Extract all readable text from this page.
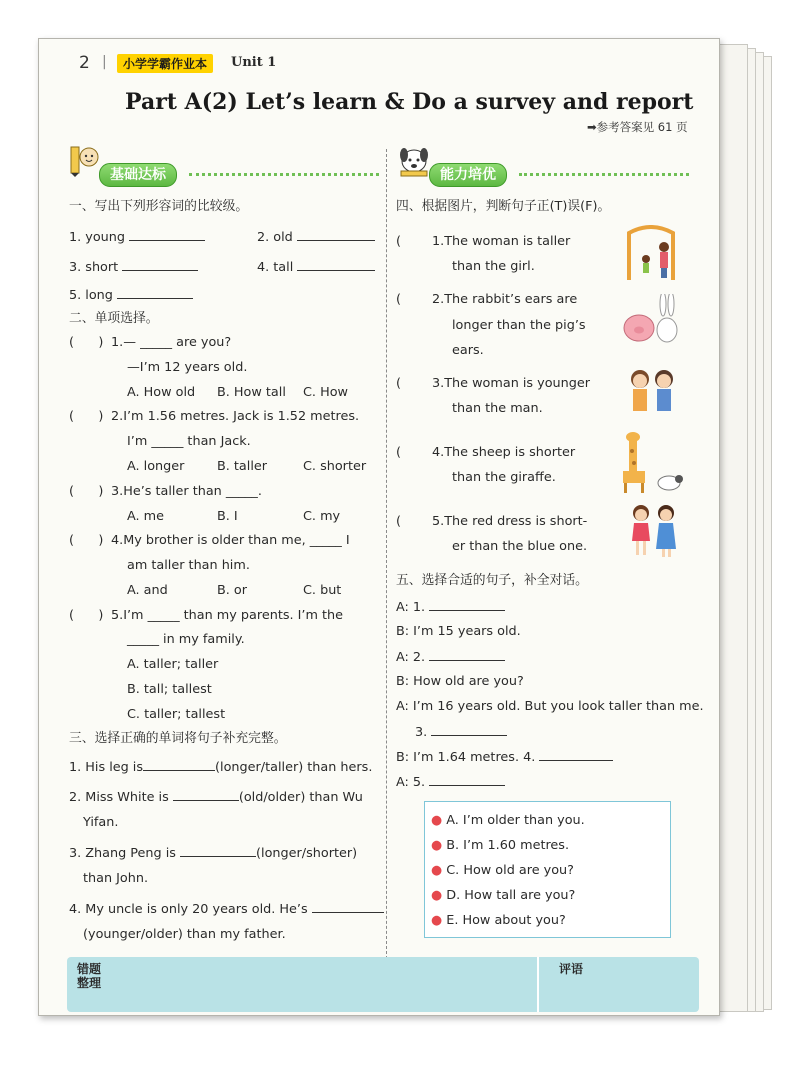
2 |	小学学霸作业本	Unit 1
Part A(2) Let’s learn & Do a survey and report
➡参考答案见 61 页
基础达标
一、写出下列形容词的比较级。
1. young	2. old
3. short	4. tall
5. long
二、单项选择。
(      ) 1.— _____ are you?
—I’m 12 years old.
A. How old B. How tall C. How
(      ) 2.I’m 1.56 metres. Jack is 1.52 metres.
I’m _____ than Jack.
A. longer	B. taller	C. shorter
(      ) 3.He’s taller than _____.
A. me	B. I	C. my
(      ) 4.My brother is older than me, _____ I
am taller than him.
A. and	B. or	C. but
(      ) 5.I’m _____ than my parents. I’m the
_____ in my family.
A. taller; taller
B. tall; tallest
C. taller; tallest
三、选择正确的单词将句子补充完整。
1. His leg is	(longer/taller) than hers.
2. Miss White is	(old/older) than Wu
Yifan.
3. Zhang Peng is	(longer/shorter)
than John.
4. My uncle is only 20 years old. He’s
(younger/older) than my father.
能力培优
四、根据图片，判断句子正(T)误(F)。
( 1.The woman is taller
than the girl.
( 2.The rabbit’s ears are
longer than the pig’s
ears.
( 3.The woman is younger
than the man.
( 4.The sheep is shorter
than the giraffe.
( 5.The red dress is short-
er than the blue one.
五、选择合适的句子，补全对话。
A: 1.
B: I’m 15 years old.
A: 2.
B: How old are you?
A: I’m 16 years old. But you look taller than me.
3.
B: I’m 1.64 metres. 4.
A: 5.
● A. I’m older than you.
● B. I’m 1.60 metres.
● C. How old are you?
● D. How tall are you?
● E. How about you?
错题
整理
评语
